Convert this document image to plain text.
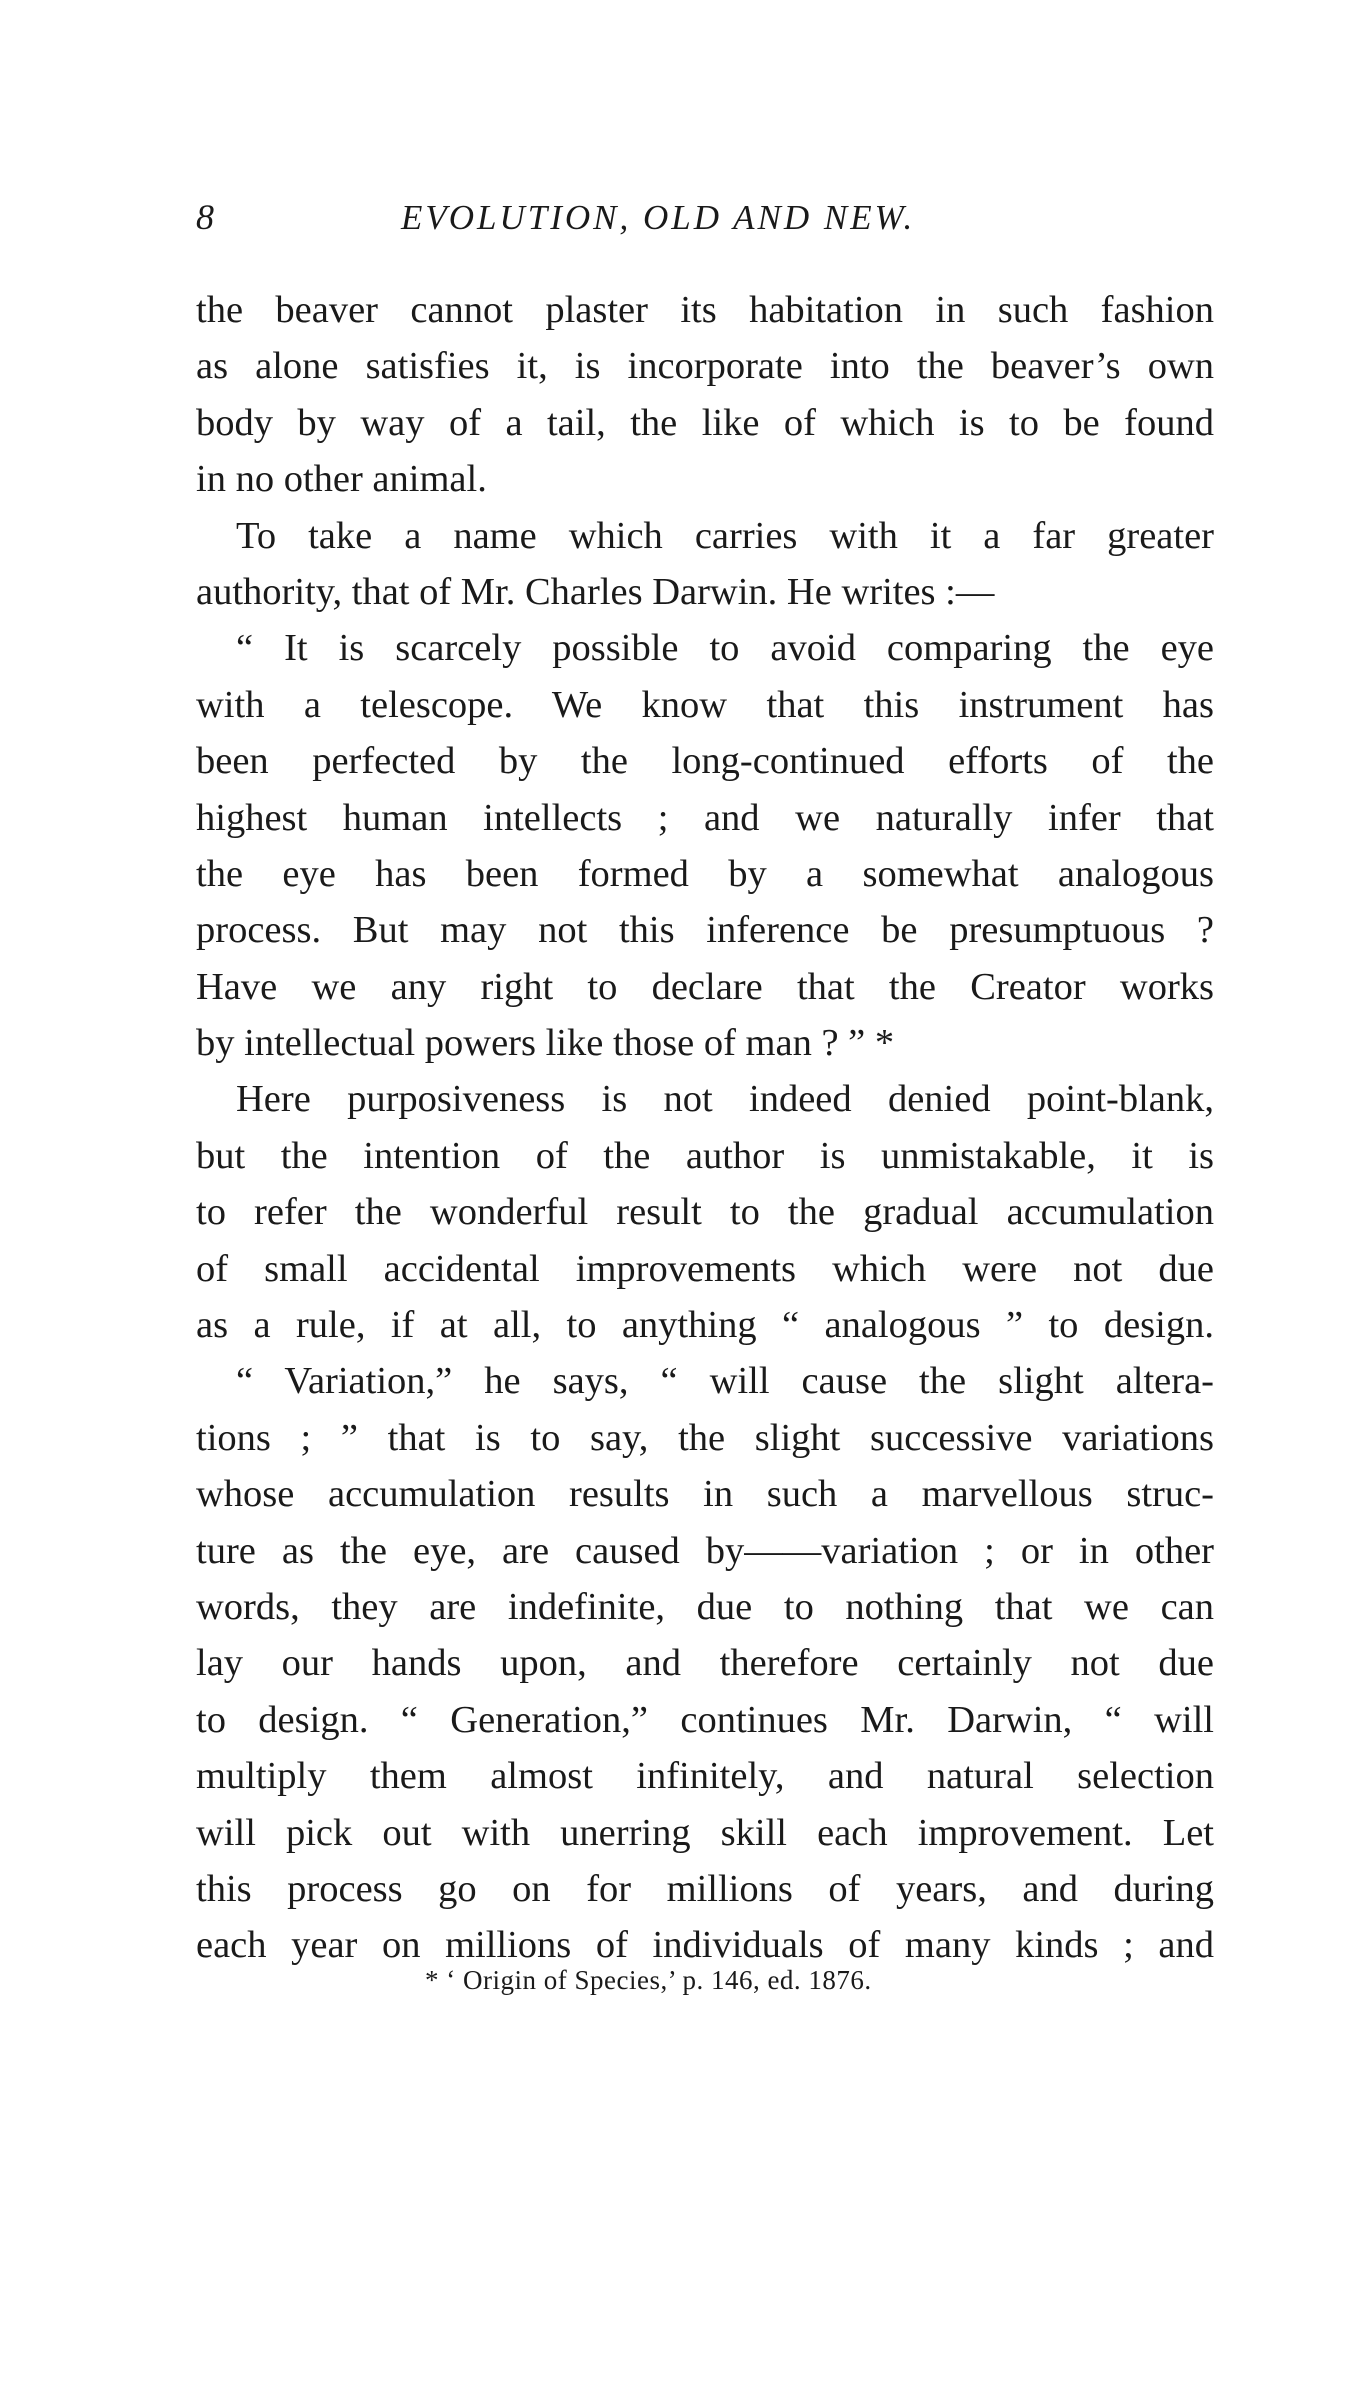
8	EVOLUTION, OLD AND NEW.
the beaver cannot plaster its habitation in such fashion
as alone satisfies it, is incorporate into the beaver’s own
body by way of a tail, the like of which is to be found
in no other animal.
To take a name which carries with it a far greater
authority, that of Mr. Charles Darwin. He writes :—
“ It is scarcely possible to avoid comparing the eye
with a telescope. We know that this instrument has
been perfected by the long-continued efforts of the
highest human intellects ; and we naturally infer that
the eye has been formed by a somewhat analogous
process. But may not this inference be presumptuous ?
Have we any right to declare that the Creator works
by intellectual powers like those of man ? ” *
Here purposiveness is not indeed denied point-blank,
but the intention of the author is unmistakable, it is
to refer the wonderful result to the gradual accumulation
of small accidental improvements which were not due
as a rule, if at all, to anything “ analogous ” to design.
“ Variation,” he says, “ will cause the slight altera-
tions ; ” that is to say, the slight successive variations
whose accumulation results in such a marvellous struc-
ture as the eye, are caused by——variation ; or in other
words, they are indefinite, due to nothing that we can
lay our hands upon, and therefore certainly not due
to design. “ Generation,” continues Mr. Darwin, “ will
multiply them almost infinitely, and natural selection
will pick out with unerring skill each improvement. Let
this process go on for millions of years, and during
each year on millions of individuals of many kinds ; and
* ‘ Origin of Species,’ p. 146, ed. 1876.
